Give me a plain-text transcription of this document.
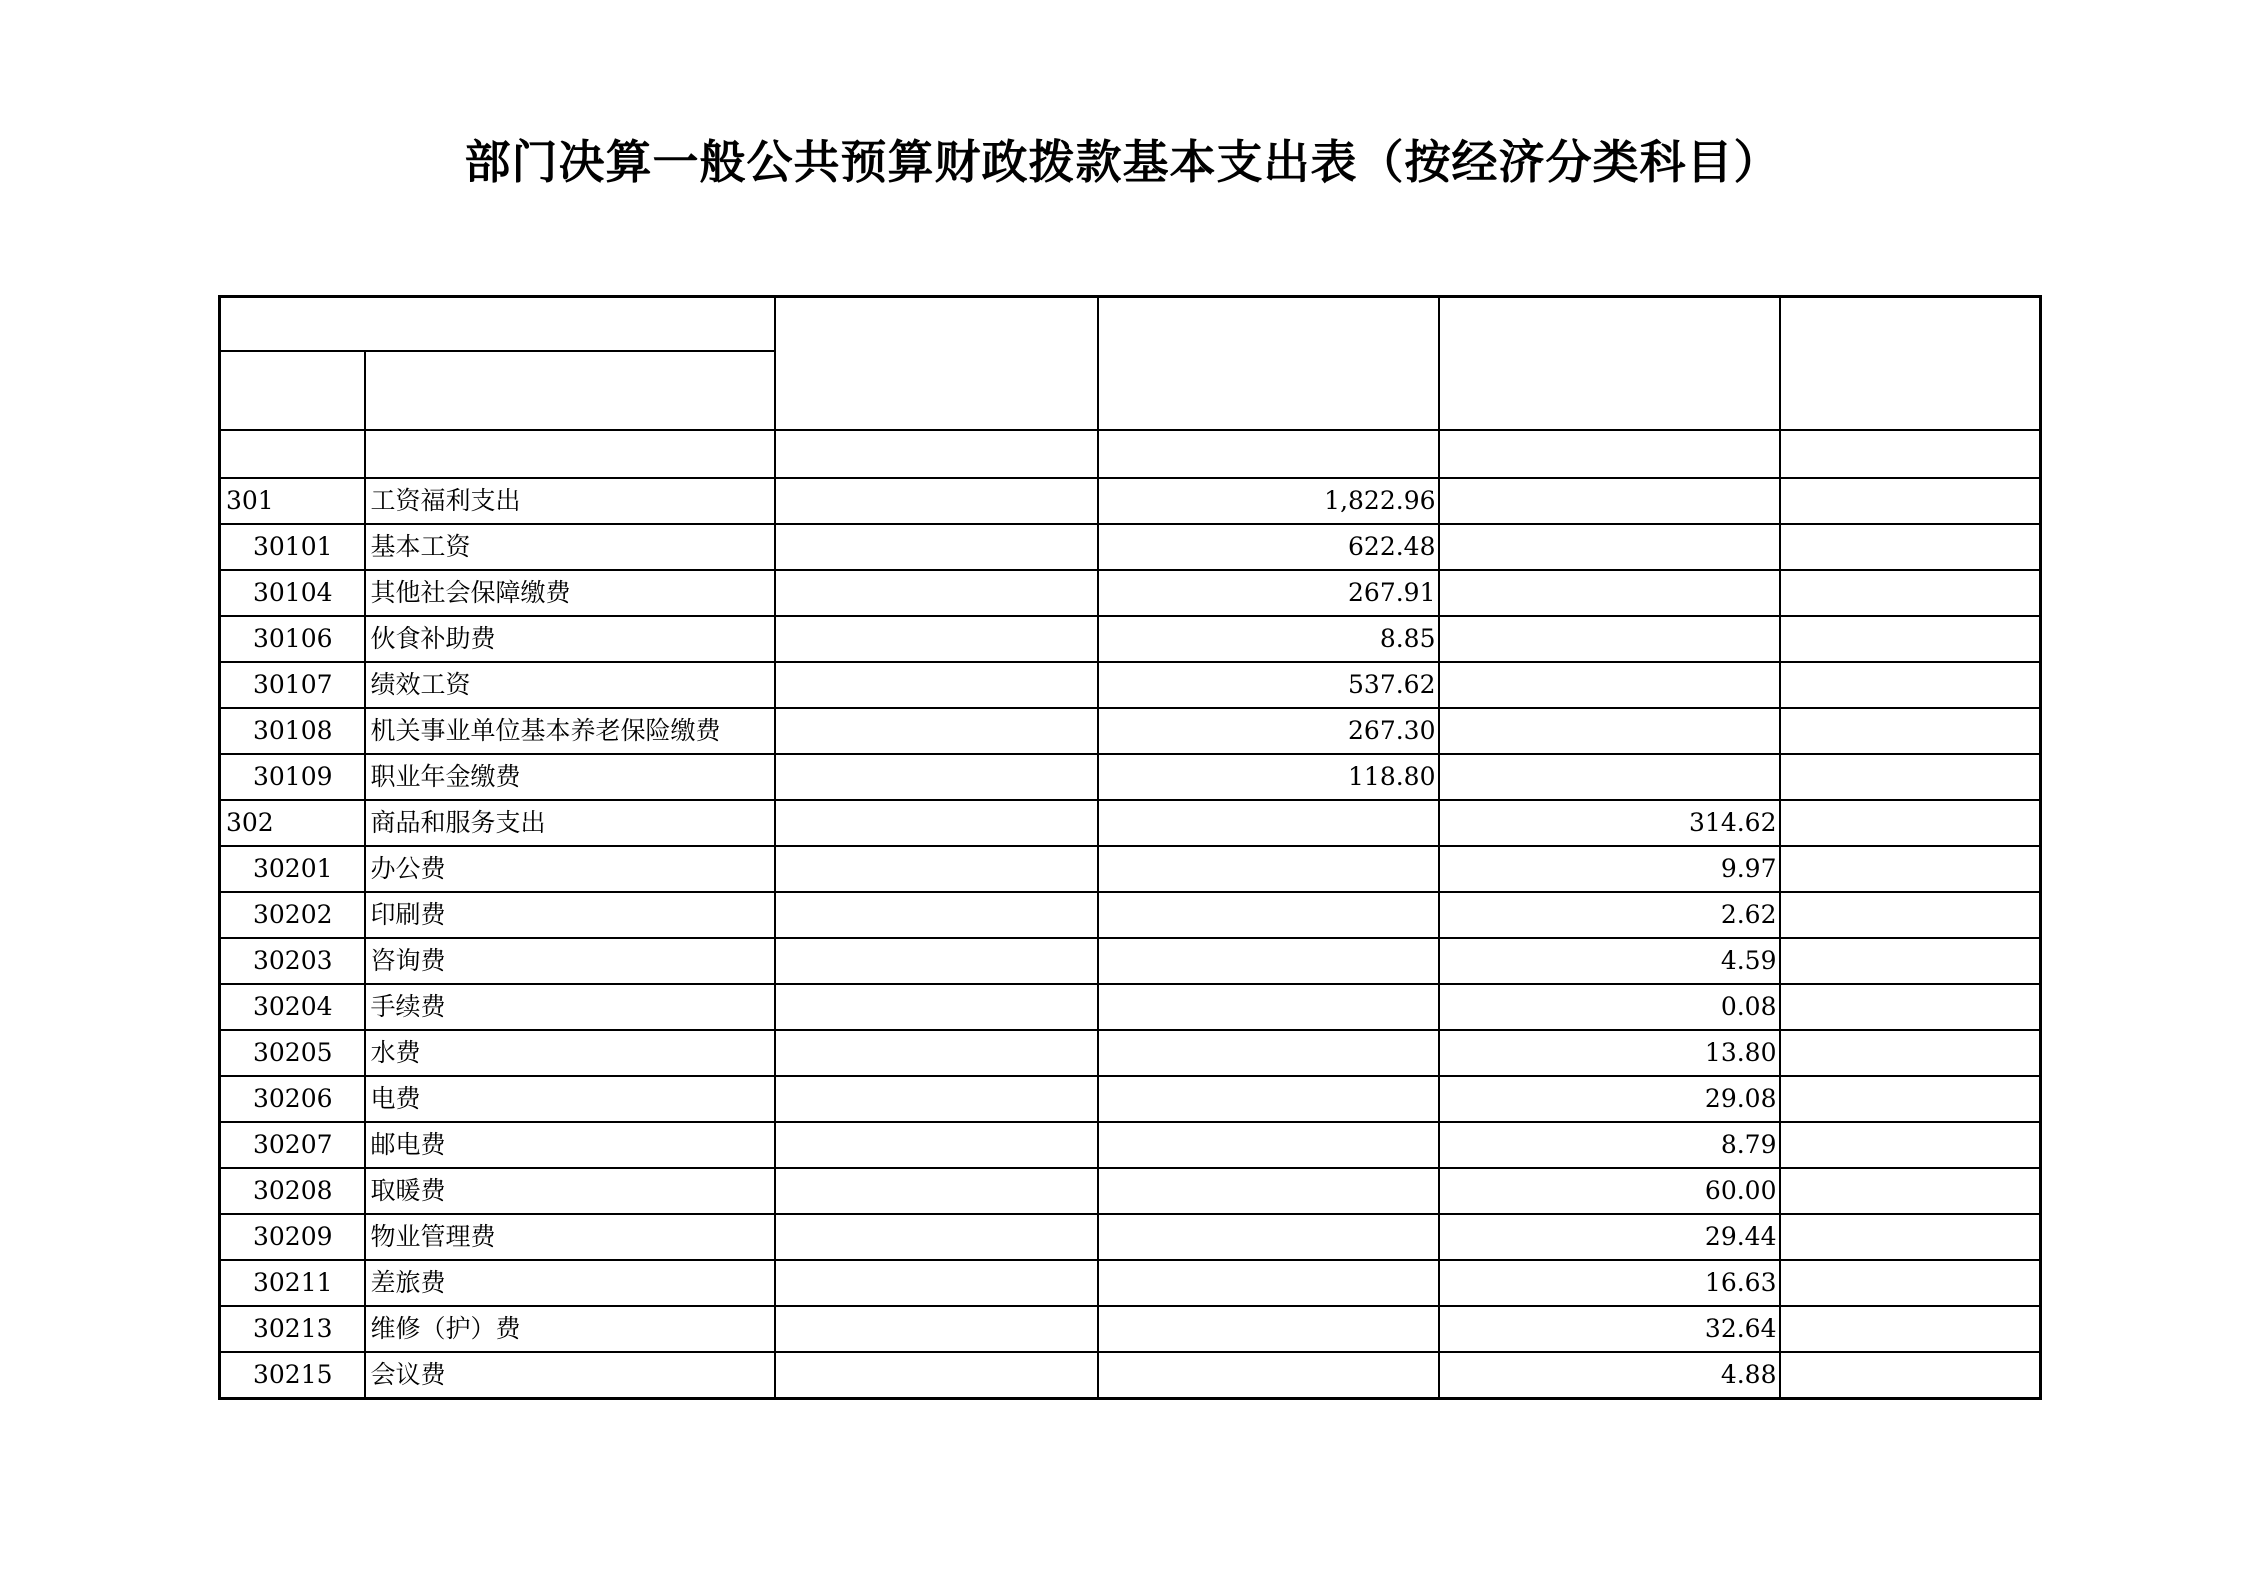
部门决算一般公共预算财政拨款基本支出表（按经济分类科目）

301	工资福利支出		1,822.96		
30101	基本工资		622.48		
30104	其他社会保障缴费		267.91		
30106	伙食补助费		8.85		
30107	绩效工资		537.62		
30108	机关事业单位基本养老保险缴费		267.30		
30109	职业年金缴费		118.80		
302	商品和服务支出			314.62	
30201	办公费			9.97	
30202	印刷费			2.62	
30203	咨询费			4.59	
30204	手续费			0.08	
30205	水费			13.80	
30206	电费			29.08	
30207	邮电费			8.79	
30208	取暖费			60.00	
30209	物业管理费			29.44	
30211	差旅费			16.63	
30213	维修（护）费			32.64	
30215	会议费			4.88	
